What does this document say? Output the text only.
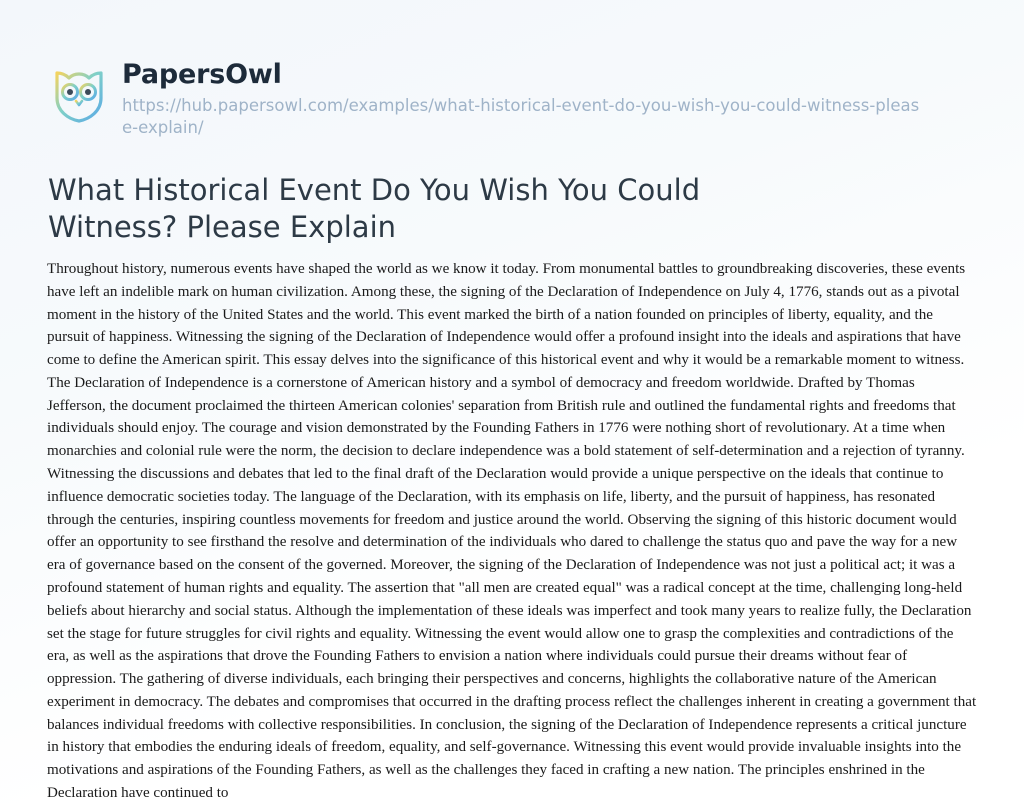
PapersOwl
https://hub.papersowl.com/examples/what-historical-event-do-you-wish-you-could-witness-please-explain/
What Historical Event Do You Wish You Could Witness? Please Explain

Throughout history, numerous events have shaped the world as we know it today. From monumental battles to groundbreaking discoveries, these events have left an indelible mark on human civilization. Among these, the signing of the Declaration of Independence on July 4, 1776, stands out as a pivotal moment in the history of the United States and the world. This event marked the birth of a nation founded on principles of liberty, equality, and the pursuit of happiness. Witnessing the signing of the Declaration of Independence would offer a profound insight into the ideals and aspirations that have come to define the American spirit. This essay delves into the significance of this historical event and why it would be a remarkable moment to witness. The Declaration of Independence is a cornerstone of American history and a symbol of democracy and freedom worldwide. Drafted by Thomas Jefferson, the document proclaimed the thirteen American colonies' separation from British rule and outlined the fundamental rights and freedoms that individuals should enjoy. The courage and vision demonstrated by the Founding Fathers in 1776 were nothing short of revolutionary. At a time when monarchies and colonial rule were the norm, the decision to declare independence was a bold statement of self-determination and a rejection of tyranny. Witnessing the discussions and debates that led to the final draft of the Declaration would provide a unique perspective on the ideals that continue to influence democratic societies today. The language of the Declaration, with its emphasis on life, liberty, and the pursuit of happiness, has resonated through the centuries, inspiring countless movements for freedom and justice around the world. Observing the signing of this historic document would offer an opportunity to see firsthand the resolve and determination of the individuals who dared to challenge the status quo and pave the way for a new era of governance based on the consent of the governed. Moreover, the signing of the Declaration of Independence was not just a political act; it was a profound statement of human rights and equality. The assertion that "all men are created equal" was a radical concept at the time, challenging long-held beliefs about hierarchy and social status. Although the implementation of these ideals was imperfect and took many years to realize fully, the Declaration set the stage for future struggles for civil rights and equality. Witnessing the event would allow one to grasp the complexities and contradictions of the era, as well as the aspirations that drove the Founding Fathers to envision a nation where individuals could pursue their dreams without fear of oppression. The gathering of diverse individuals, each bringing their perspectives and concerns, highlights the collaborative nature of the American experiment in democracy. The debates and compromises that occurred in the drafting process reflect the challenges inherent in creating a government that balances individual freedoms with collective responsibilities. In conclusion, the signing of the Declaration of Independence represents a critical juncture in history that embodies the enduring ideals of freedom, equality, and self-governance. Witnessing this event would provide invaluable insights into the motivations and aspirations of the Founding Fathers, as well as the challenges they faced in crafting a new nation. The principles enshrined in the Declaration have continued to
